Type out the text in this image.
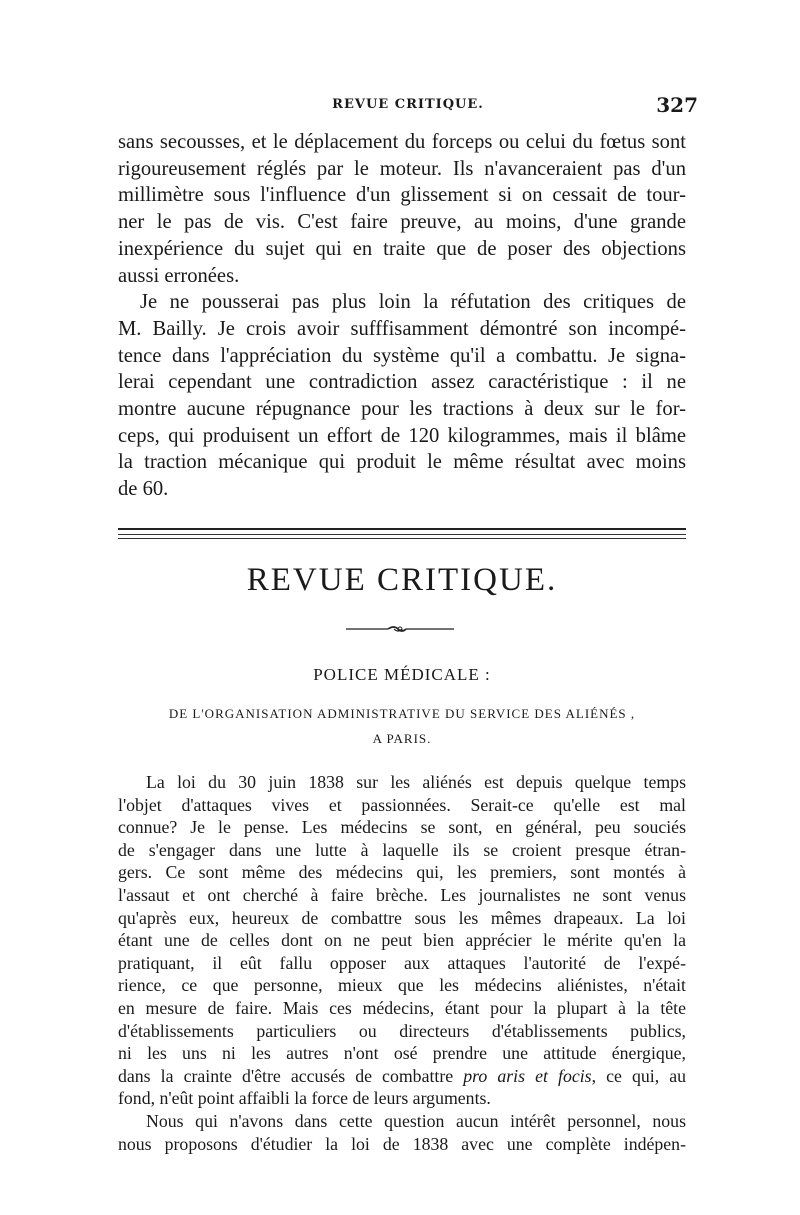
REVUE CRITIQUE.	327
sans secousses, et le déplacement du forceps ou celui du fœtus sont
rigoureusement réglés par le moteur. Ils n'avanceraient pas d'un
millimètre sous l'influence d'un glissement si on cessait de tour-
ner le pas de vis. C'est faire preuve, au moins, d'une grande
inexpérience du sujet qui en traite que de poser des objections
aussi erronées.
Je ne pousserai pas plus loin la réfutation des critiques de
M. Bailly. Je crois avoir sufffisamment démontré son incompé-
tence dans l'appréciation du système qu'il a combattu. Je signa-
lerai cependant une contradiction assez caractéristique : il ne
montre aucune répugnance pour les tractions à deux sur le for-
ceps, qui produisent un effort de 120 kilogrammes, mais il blâme
la traction mécanique qui produit le même résultat avec moins
de 60.
REVUE CRITIQUE.
POLICE MÉDICALE :
DE L'ORGANISATION ADMINISTRATIVE DU SERVICE DES ALIÉNÉS ,
A PARIS.
La loi du 30 juin 1838 sur les aliénés est depuis quelque temps
l'objet d'attaques vives et passionnées. Serait-ce qu'elle est mal
connue? Je le pense. Les médecins se sont, en général, peu souciés
de s'engager dans une lutte à laquelle ils se croient presque étran-
gers. Ce sont même des médecins qui, les premiers, sont montés à
l'assaut et ont cherché à faire brèche. Les journalistes ne sont venus
qu'après eux, heureux de combattre sous les mêmes drapeaux. La loi
étant une de celles dont on ne peut bien apprécier le mérite qu'en la
pratiquant, il eût fallu opposer aux attaques l'autorité de l'expé-
rience, ce que personne, mieux que les médecins aliénistes, n'était
en mesure de faire. Mais ces médecins, étant pour la plupart à la tête
d'établissements particuliers ou directeurs d'établissements publics,
ni les uns ni les autres n'ont osé prendre une attitude énergique,
dans la crainte d'être accusés de combattre pro aris et focis, ce qui, au
fond, n'eût point affaibli la force de leurs arguments.
Nous qui n'avons dans cette question aucun intérêt personnel, nous
nous proposons d'étudier la loi de 1838 avec une complète indépen-
